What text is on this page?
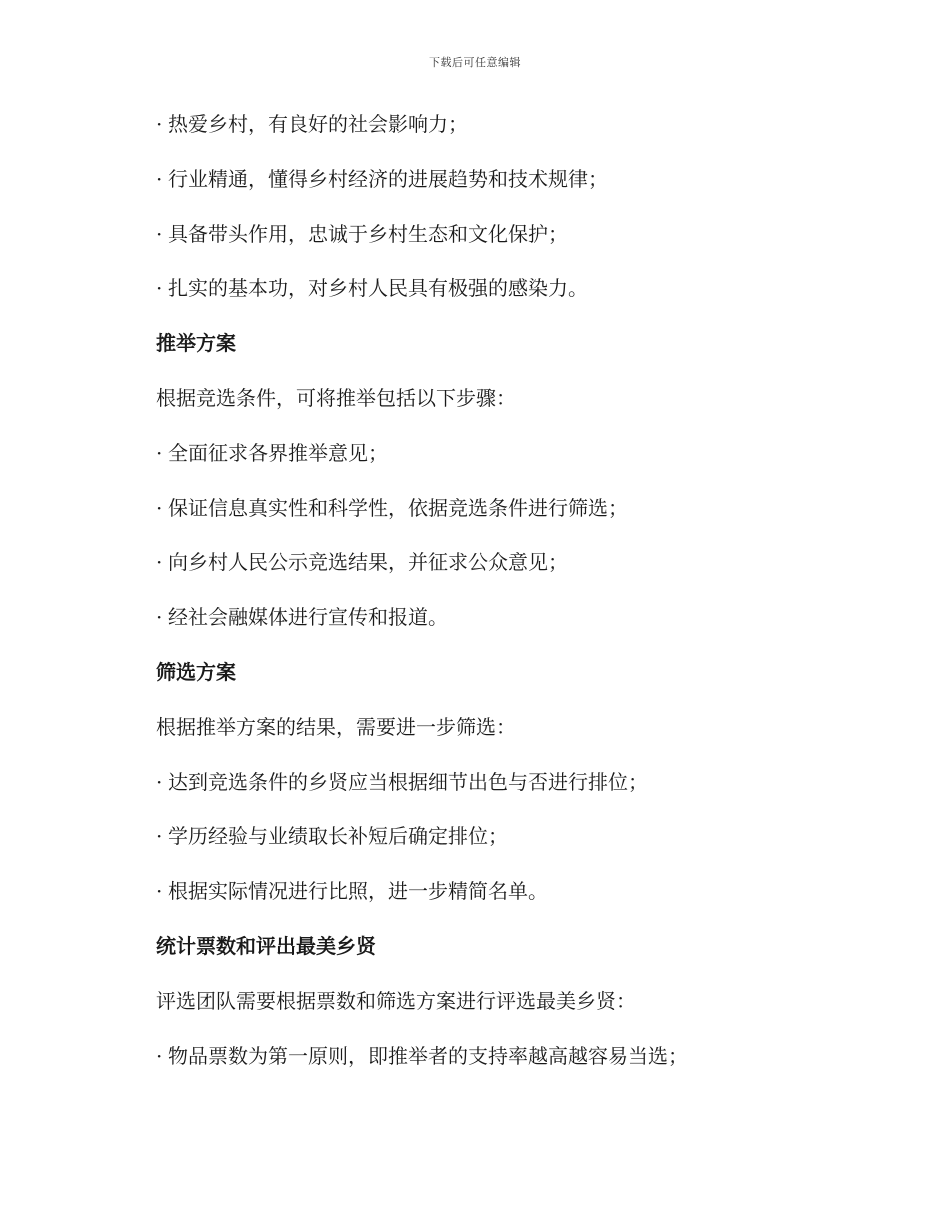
下载后可任意编辑
· 热爱乡村，有良好的社会影响力；
· 行业精通，懂得乡村经济的进展趋势和技术规律；
· 具备带头作用，忠诚于乡村生态和文化保护；
· 扎实的基本功，对乡村人民具有极强的感染力。
推举方案
根据竞选条件，可将推举包括以下步骤：
· 全面征求各界推举意见；
· 保证信息真实性和科学性，依据竞选条件进行筛选；
· 向乡村人民公示竞选结果，并征求公众意见；
· 经社会融媒体进行宣传和报道。
筛选方案
根据推举方案的结果，需要进一步筛选：
· 达到竞选条件的乡贤应当根据细节出色与否进行排位；
· 学历经验与业绩取长补短后确定排位；
· 根据实际情况进行比照，进一步精简名单。
统计票数和评出最美乡贤
评选团队需要根据票数和筛选方案进行评选最美乡贤：
· 物品票数为第一原则，即推举者的支持率越高越容易当选；
